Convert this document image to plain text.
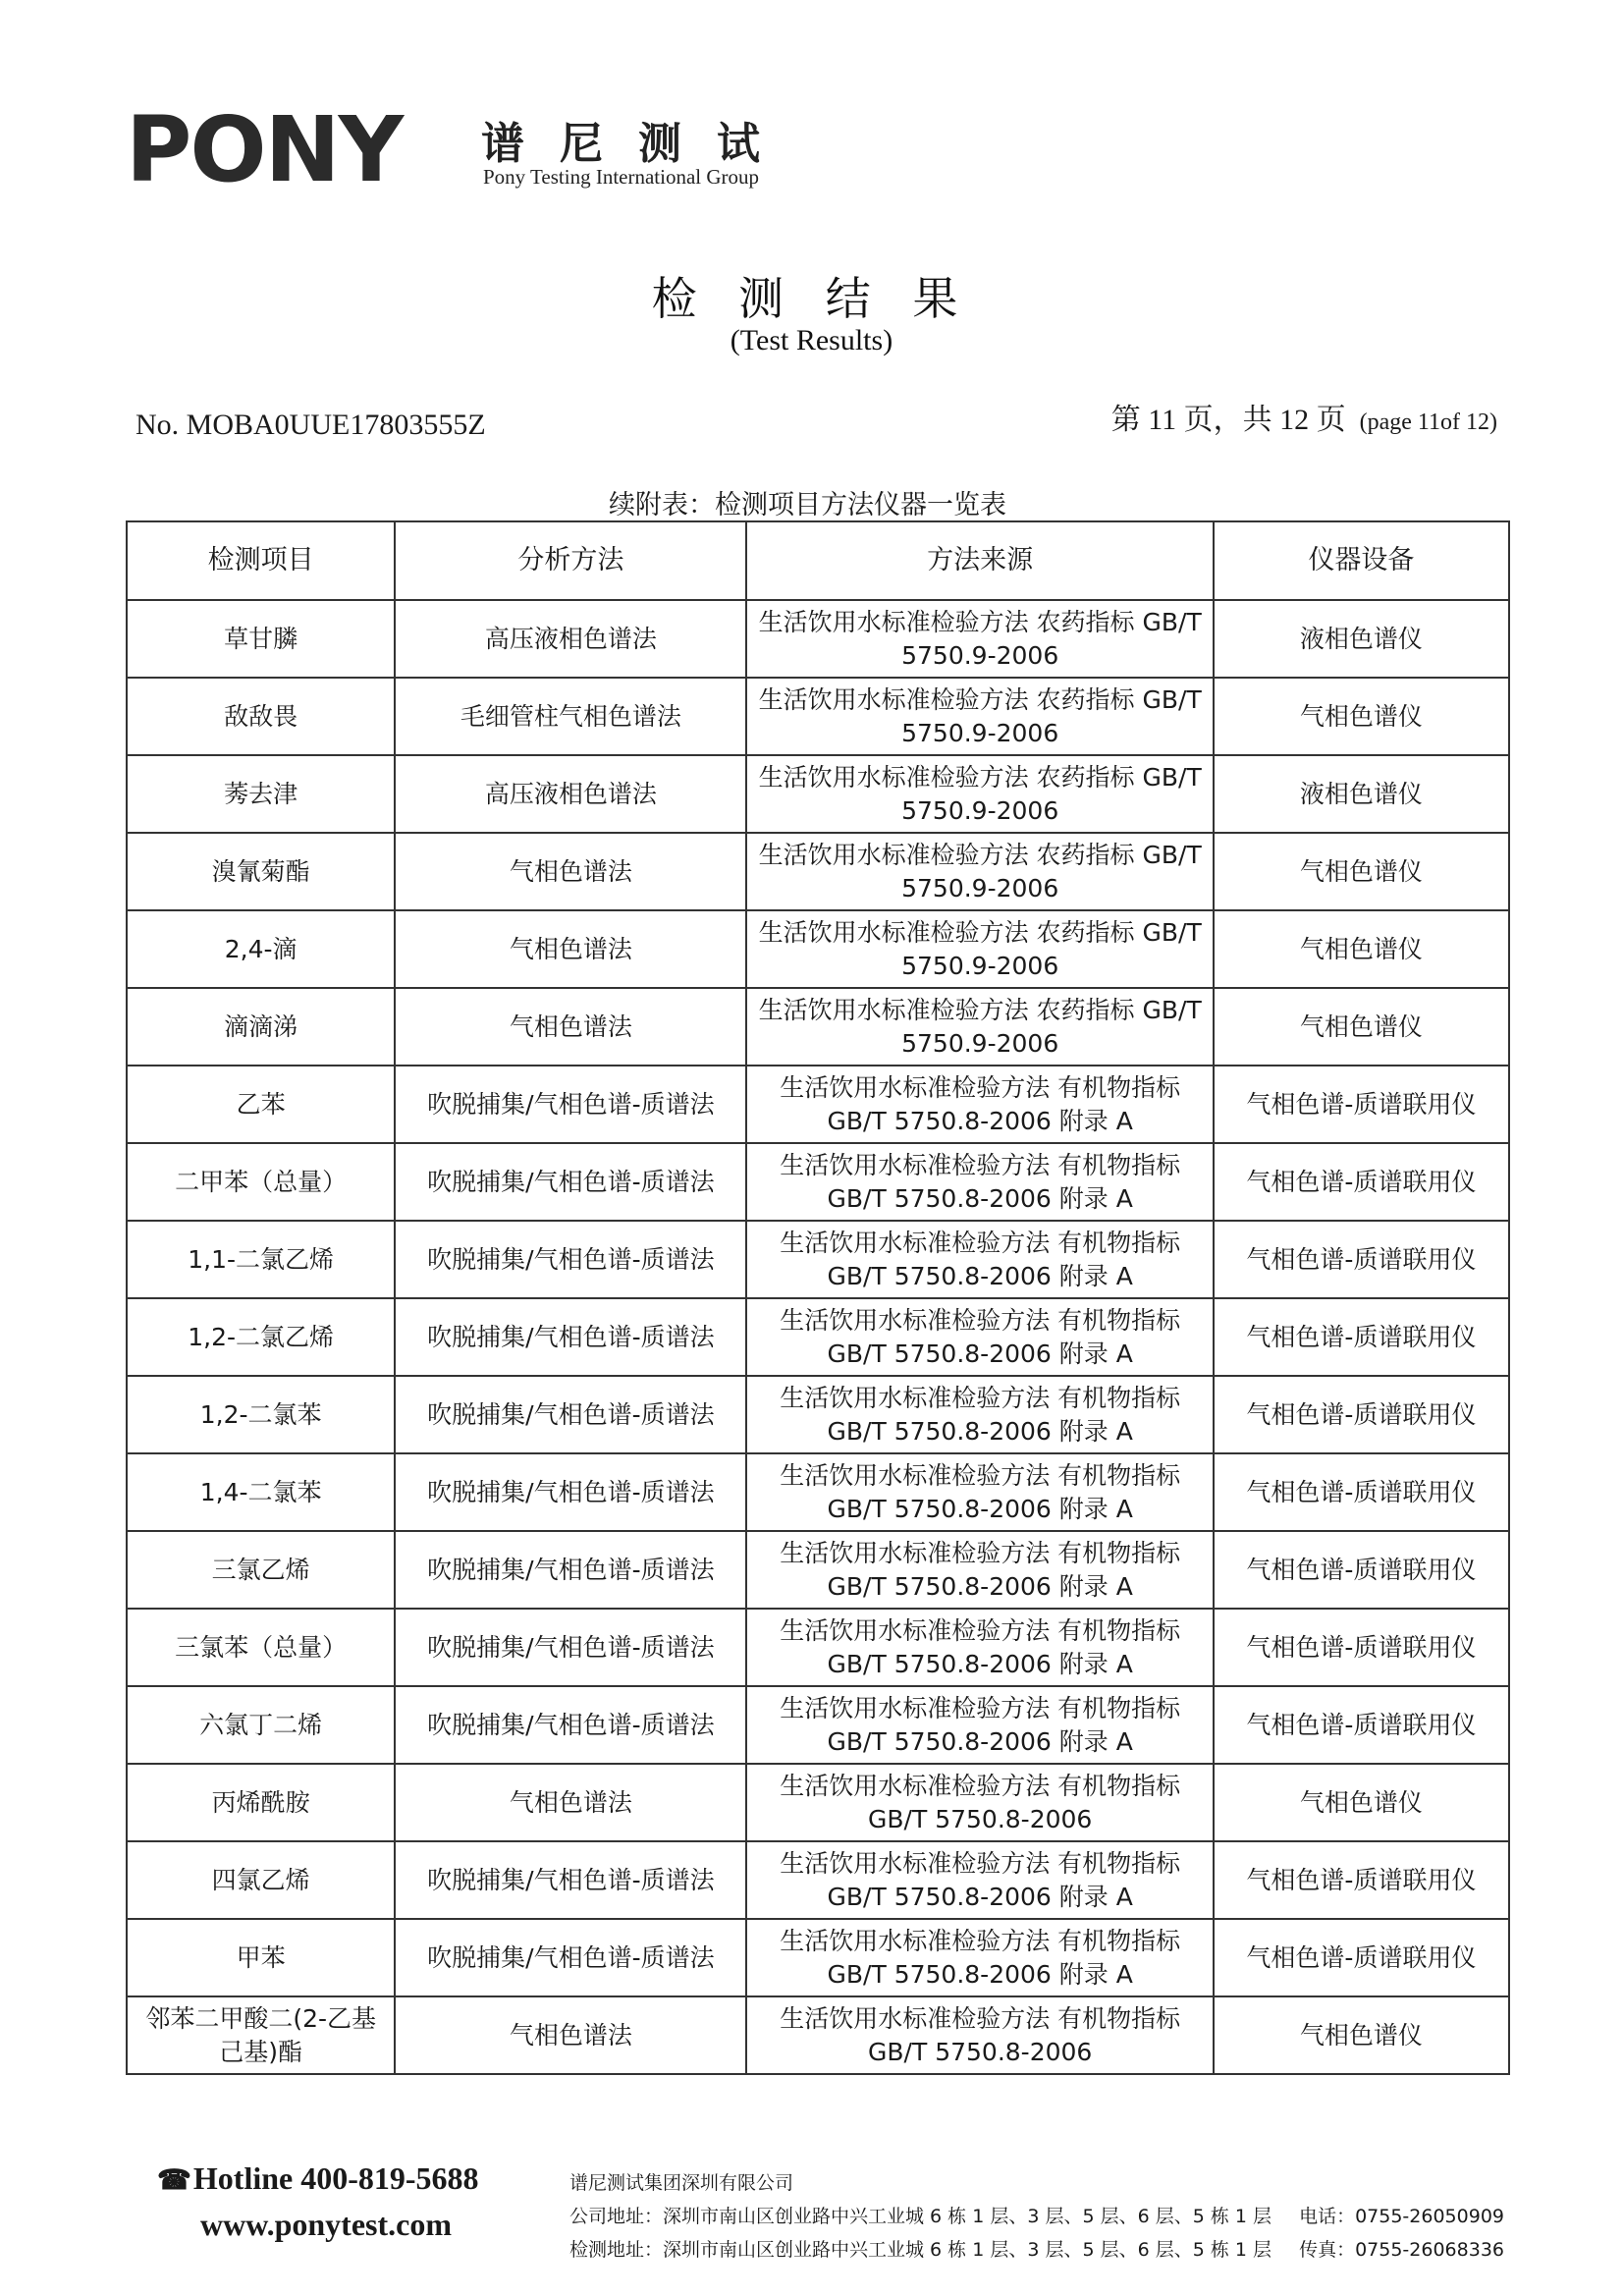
PONY 谱尼测试
Pony Testing International Group
检 测 结 果
(Test Results)
No. MOBA0UUE17803555Z	第 11 页，共 12 页 (page 11of 12)
续附表：检测项目方法仪器一览表
检测项目	分析方法	方法来源	仪器设备
草甘膦	高压液相色谱法	生活饮用水标准检验方法 农药指标 GB/T 5750.9-2006	液相色谱仪
敌敌畏	毛细管柱气相色谱法	生活饮用水标准检验方法 农药指标 GB/T 5750.9-2006	气相色谱仪
莠去津	高压液相色谱法	生活饮用水标准检验方法 农药指标 GB/T 5750.9-2006	液相色谱仪
溴氰菊酯	气相色谱法	生活饮用水标准检验方法 农药指标 GB/T 5750.9-2006	气相色谱仪
2,4-滴	气相色谱法	生活饮用水标准检验方法 农药指标 GB/T 5750.9-2006	气相色谱仪
滴滴涕	气相色谱法	生活饮用水标准检验方法 农药指标 GB/T 5750.9-2006	气相色谱仪
乙苯	吹脱捕集/气相色谱-质谱法	生活饮用水标准检验方法 有机物指标 GB/T 5750.8-2006 附录 A	气相色谱-质谱联用仪
二甲苯（总量）	吹脱捕集/气相色谱-质谱法	生活饮用水标准检验方法 有机物指标 GB/T 5750.8-2006 附录 A	气相色谱-质谱联用仪
1,1-二氯乙烯	吹脱捕集/气相色谱-质谱法	生活饮用水标准检验方法 有机物指标 GB/T 5750.8-2006 附录 A	气相色谱-质谱联用仪
1,2-二氯乙烯	吹脱捕集/气相色谱-质谱法	生活饮用水标准检验方法 有机物指标 GB/T 5750.8-2006 附录 A	气相色谱-质谱联用仪
1,2-二氯苯	吹脱捕集/气相色谱-质谱法	生活饮用水标准检验方法 有机物指标 GB/T 5750.8-2006 附录 A	气相色谱-质谱联用仪
1,4-二氯苯	吹脱捕集/气相色谱-质谱法	生活饮用水标准检验方法 有机物指标 GB/T 5750.8-2006 附录 A	气相色谱-质谱联用仪
三氯乙烯	吹脱捕集/气相色谱-质谱法	生活饮用水标准检验方法 有机物指标 GB/T 5750.8-2006 附录 A	气相色谱-质谱联用仪
三氯苯（总量）	吹脱捕集/气相色谱-质谱法	生活饮用水标准检验方法 有机物指标 GB/T 5750.8-2006 附录 A	气相色谱-质谱联用仪
六氯丁二烯	吹脱捕集/气相色谱-质谱法	生活饮用水标准检验方法 有机物指标 GB/T 5750.8-2006 附录 A	气相色谱-质谱联用仪
丙烯酰胺	气相色谱法	生活饮用水标准检验方法 有机物指标 GB/T 5750.8-2006	气相色谱仪
四氯乙烯	吹脱捕集/气相色谱-质谱法	生活饮用水标准检验方法 有机物指标 GB/T 5750.8-2006 附录 A	气相色谱-质谱联用仪
甲苯	吹脱捕集/气相色谱-质谱法	生活饮用水标准检验方法 有机物指标 GB/T 5750.8-2006 附录 A	气相色谱-质谱联用仪
邻苯二甲酸二(2-乙基己基)酯	气相色谱法	生活饮用水标准检验方法 有机物指标 GB/T 5750.8-2006	气相色谱仪
☎Hotline 400-819-5688
www.ponytest.com
谱尼测试集团深圳有限公司
公司地址：深圳市南山区创业路中兴工业城 6 栋 1 层、3 层、5 层、6 层、5 栋 1 层 电话：0755-26050909
检测地址：深圳市南山区创业路中兴工业城 6 栋 1 层、3 层、5 层、6 层、5 栋 1 层 传真：0755-26068336
